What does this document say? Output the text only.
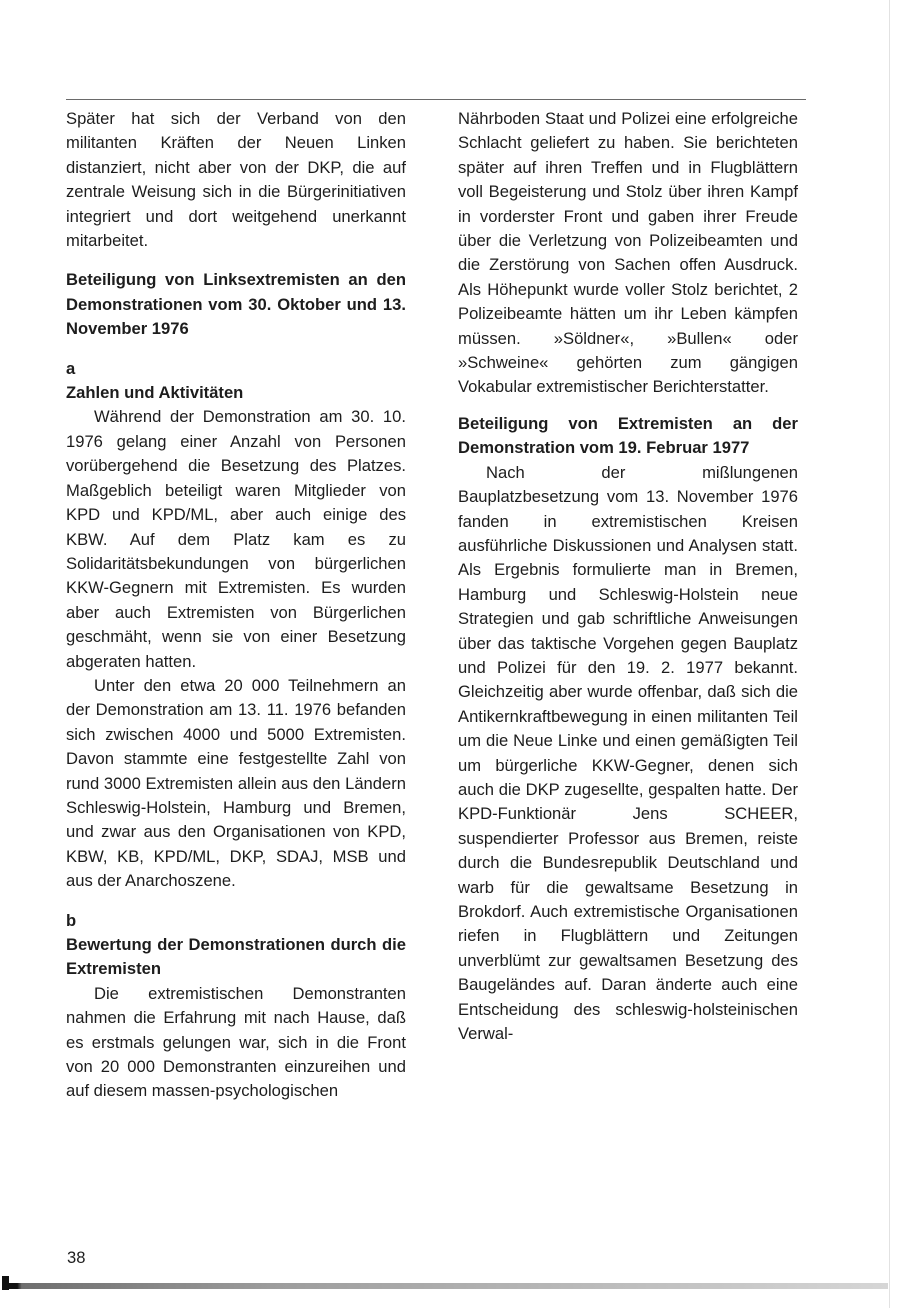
Später hat sich der Verband von den militanten Kräften der Neuen Linken distanziert, nicht aber von der DKP, die auf zentrale Weisung sich in die Bürgerinitiativen integriert und dort weitgehend unerkannt mitarbeitet.

Beteiligung von Linksextremisten an den Demonstrationen vom 30. Oktober und 13. November 1976

a

Zahlen und Aktivitäten

Während der Demonstration am 30. 10. 1976 gelang einer Anzahl von Personen vorübergehend die Besetzung des Platzes. Maßgeblich beteiligt waren Mitglieder von KPD und KPD/ML, aber auch einige des KBW. Auf dem Platz kam es zu Solidaritätsbekundungen von bürgerlichen KKW-Gegnern mit Extremisten. Es wurden aber auch Extremisten von Bürgerlichen geschmäht, wenn sie von einer Besetzung abgeraten hatten.

Unter den etwa 20 000 Teilnehmern an der Demonstration am 13. 11. 1976 befanden sich zwischen 4000 und 5000 Extremisten. Davon stammte eine festgestellte Zahl von rund 3000 Extremisten allein aus den Ländern Schleswig-Holstein, Hamburg und Bremen, und zwar aus den Organisationen von KPD, KBW, KB, KPD/ML, DKP, SDAJ, MSB und aus der Anarchoszene.

b

Bewertung der Demonstrationen durch die Extremisten

Die extremistischen Demonstranten nahmen die Erfahrung mit nach Hause, daß es erstmals gelungen war, sich in die Front von 20 000 Demonstranten einzureihen und auf diesem massen-psychologischen

Nährboden Staat und Polizei eine erfolgreiche Schlacht geliefert zu haben. Sie berichteten später auf ihren Treffen und in Flugblättern voll Begeisterung und Stolz über ihren Kampf in vorderster Front und gaben ihrer Freude über die Verletzung von Polizeibeamten und die Zerstörung von Sachen offen Ausdruck. Als Höhepunkt wurde voller Stolz berichtet, 2 Polizeibeamte hätten um ihr Leben kämpfen müssen. »Söldner«, »Bullen« oder »Schweine« gehörten zum gängigen Vokabular extremistischer Berichterstatter.

Beteiligung von Extremisten an der Demonstration vom 19. Februar 1977

Nach der mißlungenen Bauplatzbesetzung vom 13. November 1976 fanden in extremistischen Kreisen ausführliche Diskussionen und Analysen statt. Als Ergebnis formulierte man in Bremen, Hamburg und Schleswig-Holstein neue Strategien und gab schriftliche Anweisungen über das taktische Vorgehen gegen Bauplatz und Polizei für den 19. 2. 1977 bekannt. Gleichzeitig aber wurde offenbar, daß sich die Antikernkraftbewegung in einen militanten Teil um die Neue Linke und einen gemäßigten Teil um bürgerliche KKW-Gegner, denen sich auch die DKP zugesellte, gespalten hatte. Der KPD-Funktionär Jens SCHEER, suspendierter Professor aus Bremen, reiste durch die Bundesrepublik Deutschland und warb für die gewaltsame Besetzung in Brokdorf. Auch extremistische Organisationen riefen in Flugblättern und Zeitungen unverblümt zur gewaltsamen Besetzung des Baugeländes auf. Daran änderte auch eine Entscheidung des schleswig-holsteinischen Verwal-

38
